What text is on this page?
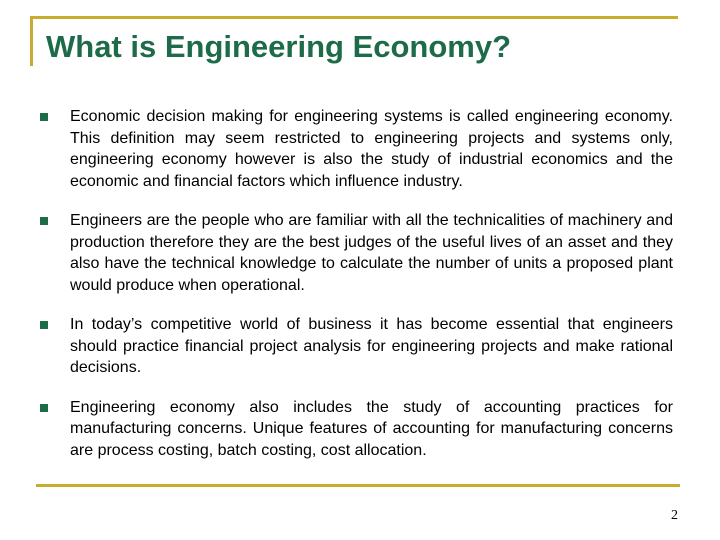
What is Engineering Economy?
Economic decision making for engineering systems is called engineering economy. This definition may seem restricted to engineering projects and systems only, engineering economy however is also the study of industrial economics and the economic and financial factors which influence industry.
Engineers are the people who are familiar with all the technicalities of machinery and production therefore they are the best judges of the useful lives of an asset and they also have the technical knowledge to calculate the number of units a proposed plant would produce when operational.
In today’s competitive world of business it has become essential that engineers should practice financial project analysis for engineering projects and make rational decisions.
Engineering economy also includes the study of accounting practices for manufacturing concerns. Unique features of accounting for manufacturing concerns are process costing, batch costing, cost allocation.
2
